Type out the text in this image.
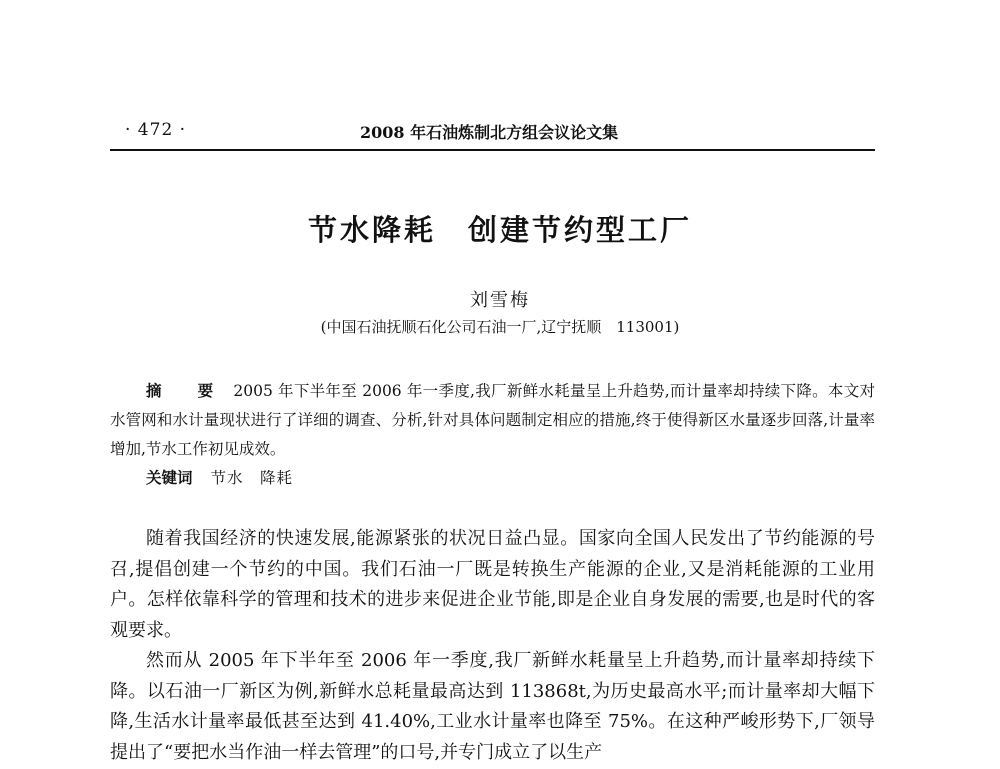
· 472 ·	2008 年石油炼制北方组会议论文集
节水降耗　创建节约型工厂
刘雪梅
(中国石油抚顺石化公司石油一厂,辽宁抚顺　113001)
摘　要 2005 年下半年至 2006 年一季度,我厂新鲜水耗量呈上升趋势,而计量率却持续下降。本文对水管网和水计量现状进行了详细的调查、分析,针对具体问题制定相应的措施,终于使得新区水量逐步回落,计量率增加,节水工作初见成效。
关键词 节水　降耗

随着我国经济的快速发展,能源紧张的状况日益凸显。国家向全国人民发出了节约能源的号召,提倡创建一个节约的中国。我们石油一厂既是转换生产能源的企业,又是消耗能源的工业用户。怎样依靠科学的管理和技术的进步来促进企业节能,即是企业自身发展的需要,也是时代的客观要求。

然而从 2005 年下半年至 2006 年一季度,我厂新鲜水耗量呈上升趋势,而计量率却持续下降。以石油一厂新区为例,新鲜水总耗量最高达到 113868t,为历史最高水平;而计量率却大幅下降,生活水计量率最低甚至达到 41.40%,工业水计量率也降至 75%。在这种严峻形势下,厂领导提出了“要把水当作油一样去管理”的口号,并专门成立了以生产
